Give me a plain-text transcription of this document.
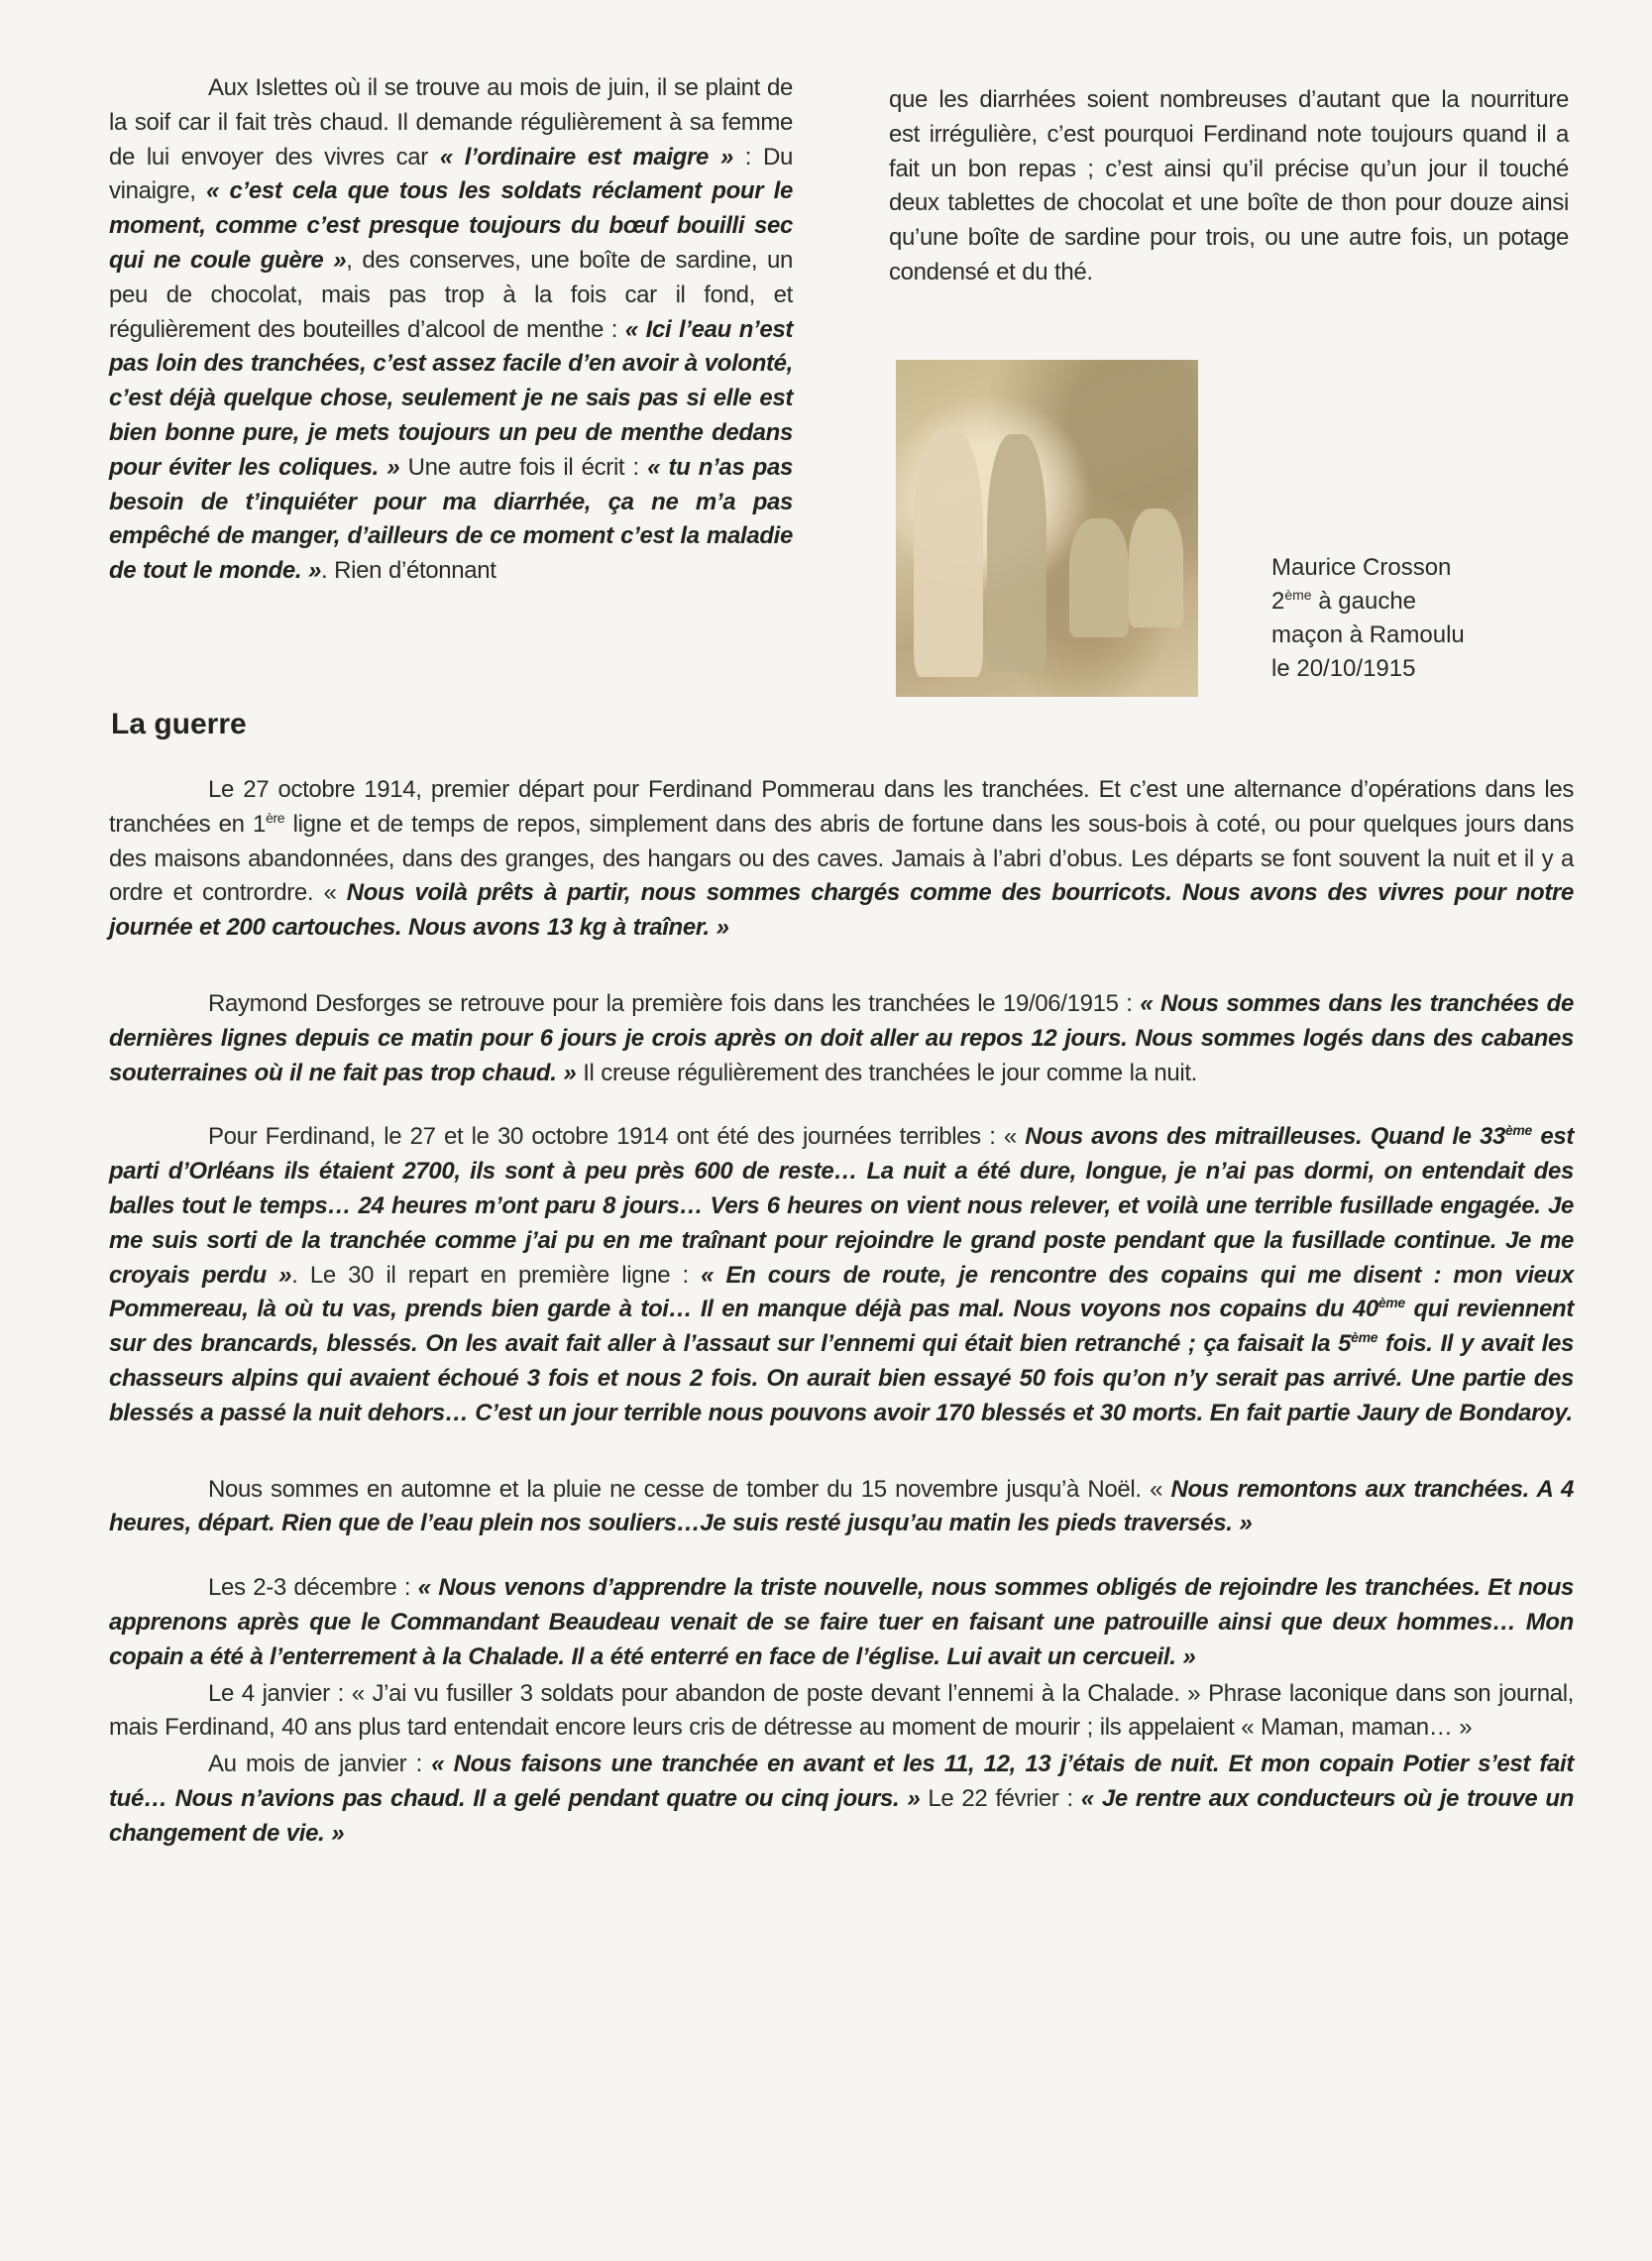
Aux Islettes où il se trouve au mois de juin, il se plaint de la soif car il fait très chaud. Il demande régulièrement à sa femme de lui envoyer des vivres car « l’ordinaire est maigre » : Du vinaigre, « c’est cela que tous les soldats réclament pour le moment, comme c’est presque toujours du bœuf bouilli sec qui ne coule guère », des conserves, une boîte de sardine, un peu de chocolat, mais pas trop à la fois car il fond, et régulièrement des bouteilles d’alcool de menthe : « Ici l’eau n’est pas loin des tranchées, c’est assez facile d’en avoir à volonté, c’est déjà quelque chose, seulement je ne sais pas si elle est bien bonne pure, je mets toujours un peu de menthe dedans pour éviter les coliques. » Une autre fois il écrit : « tu n’as pas besoin de t’inquiéter pour ma diarrhée, ça ne m’a pas empêché de manger, d’ailleurs de ce moment c’est la maladie de tout le monde. ». Rien d’étonnant

que les diarrhées soient nombreuses d’autant que la nourriture est irrégulière, c’est pourquoi Ferdinand note toujours quand il a fait un bon repas ; c’est ainsi qu’il précise qu’un jour il touché deux tablettes de chocolat et une boîte de thon pour douze ainsi qu’une boîte de sardine pour trois, ou une autre fois, un potage condensé et du thé.

Maurice Crosson
2ème à gauche
maçon à Ramoulu
le 20/10/1915
La guerre

Le 27 octobre 1914, premier départ pour Ferdinand Pommerau dans les tranchées. Et c’est une alternance d’opérations dans les tranchées en 1ère ligne et de temps de repos, simplement dans des abris de fortune dans les sous-bois à coté, ou pour quelques jours dans des maisons abandonnées, dans des granges, des hangars ou des caves. Jamais à l’abri d’obus. Les départs se font souvent la nuit et il y a ordre et contrordre. « Nous voilà prêts à partir, nous sommes chargés comme des bourricots. Nous avons des vivres pour notre journée et 200 cartouches. Nous avons 13 kg à traîner. »

Raymond Desforges se retrouve pour la première fois dans les tranchées le 19/06/1915 : « Nous sommes dans les tranchées de dernières lignes depuis ce matin pour 6 jours je crois après on doit aller au repos 12 jours. Nous sommes logés dans des cabanes souterraines où il ne fait pas trop chaud. » Il creuse régulièrement des tranchées le jour comme la nuit.

Pour Ferdinand, le 27 et le 30 octobre 1914 ont été des journées terribles : « Nous avons des mitrailleuses. Quand le 33ème est parti d’Orléans ils étaient 2700, ils sont à peu près 600 de reste… La nuit a été dure, longue, je n’ai pas dormi, on entendait des balles tout le temps… 24 heures m’ont paru 8 jours… Vers 6 heures on vient nous relever, et voilà une terrible fusillade engagée. Je me suis sorti de la tranchée comme j’ai pu en me traînant pour rejoindre le grand poste pendant que la fusillade continue. Je me croyais perdu ». Le 30 il repart en première ligne : « En cours de route, je rencontre des copains qui me disent : mon vieux Pommereau, là où tu vas, prends bien garde à toi… Il en manque déjà pas mal. Nous voyons nos copains du 40ème qui reviennent sur des brancards, blessés. On les avait fait aller à l’assaut sur l’ennemi qui était bien retranché ; ça faisait la 5ème fois. Il y avait les chasseurs alpins qui avaient échoué 3 fois et nous 2 fois. On aurait bien essayé 50 fois qu’on n’y serait pas arrivé. Une partie des blessés a passé la nuit dehors… C’est un jour terrible nous pouvons avoir 170 blessés et 30 morts. En fait partie Jaury de Bondaroy.

Nous sommes en automne et la pluie ne cesse de tomber du 15 novembre jusqu’à Noël. « Nous remontons aux tranchées. A 4 heures, départ. Rien que de l’eau plein nos souliers…Je suis resté jusqu’au matin les pieds traversés. »

Les 2-3 décembre : « Nous venons d’apprendre la triste nouvelle, nous sommes obligés de rejoindre les tranchées. Et nous apprenons après que le Commandant Beaudeau venait de se faire tuer en faisant une patrouille ainsi que deux hommes… Mon copain a été à l’enterrement à la Chalade. Il a été enterré en face de l’église. Lui avait un cercueil. »

Le 4 janvier : « J’ai vu fusiller 3 soldats pour abandon de poste devant l’ennemi à la Chalade. » Phrase laconique dans son journal, mais Ferdinand, 40 ans plus tard entendait encore leurs cris de détresse au moment de mourir ; ils appelaient « Maman, maman… »

Au mois de janvier : « Nous faisons une tranchée en avant et les 11, 12, 13 j’étais de nuit. Et mon copain Potier s’est fait tué… Nous n’avions pas chaud. Il a gelé pendant quatre ou cinq jours. » Le 22 février : « Je rentre aux conducteurs où je trouve un changement de vie. »
